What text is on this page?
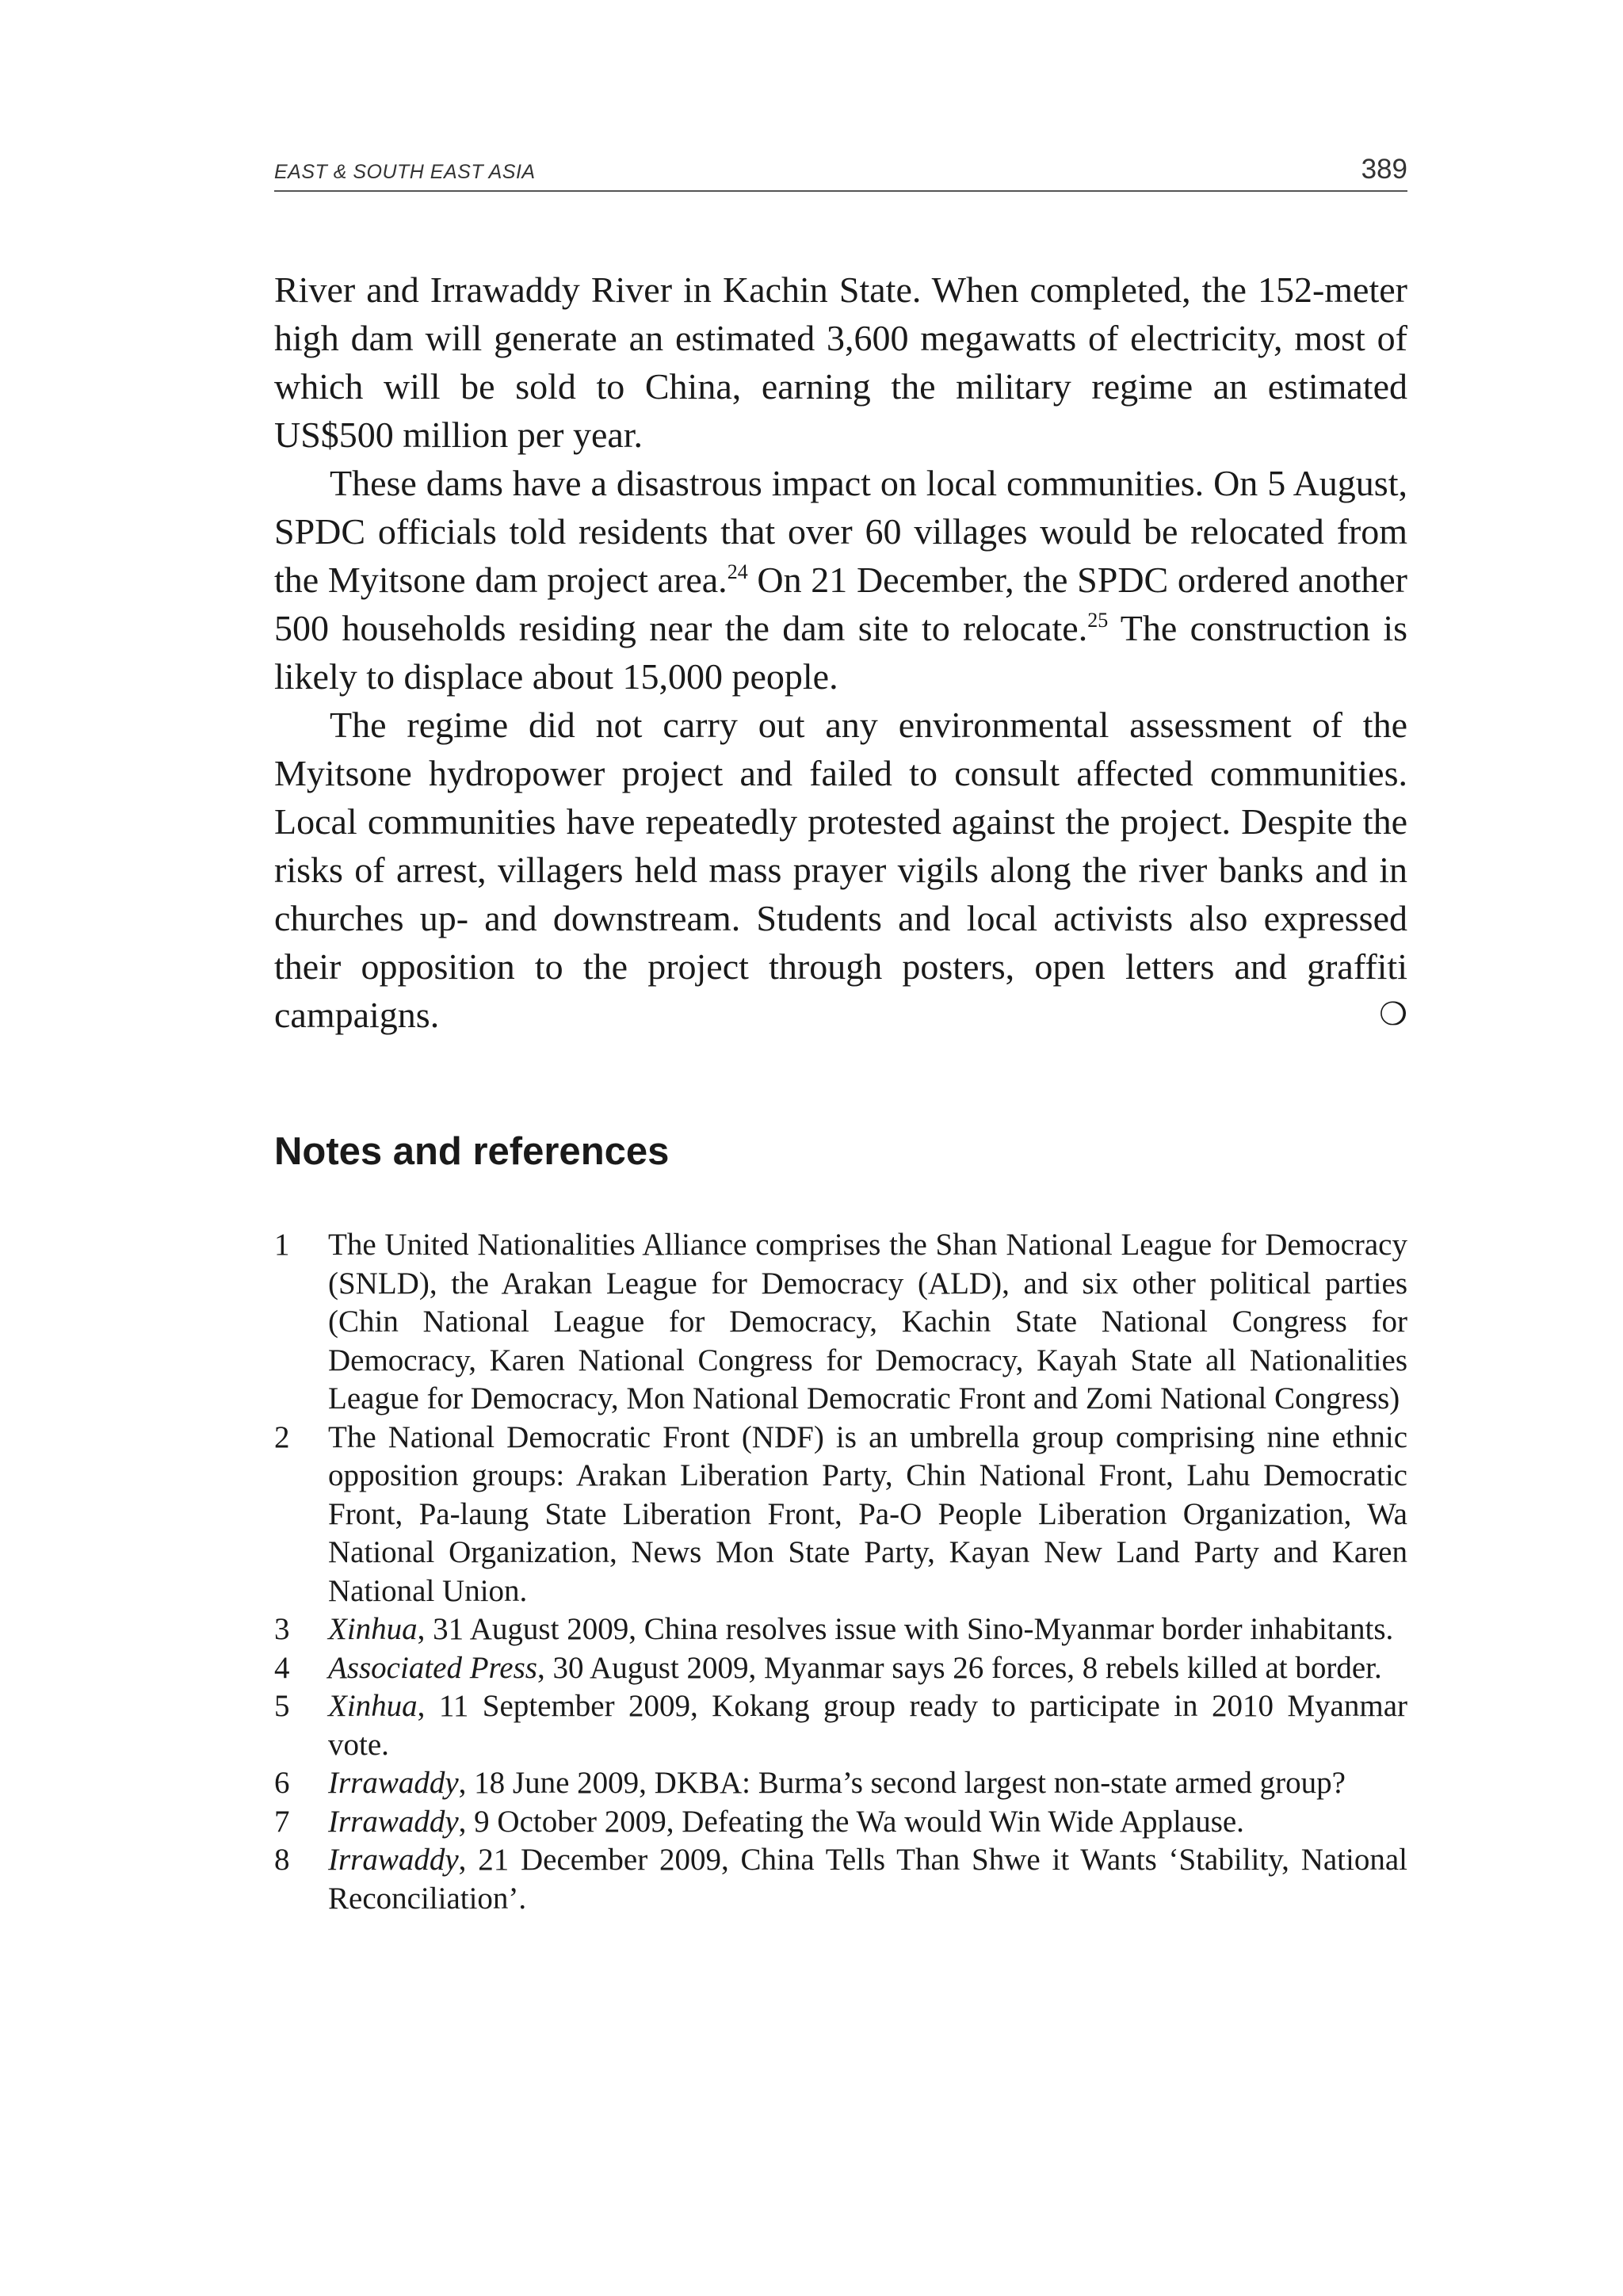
EAST & SOUTH EAST ASIA	389

River and Irrawaddy River in Kachin State. When completed, the 152-meter high dam will generate an estimated 3,600 megawatts of electricity, most of which will be sold to China, earning the military regime an estimated US$500 million per year.

These dams have a disastrous impact on local communities. On 5 August, SPDC officials told residents that over 60 villages would be relocated from the Myitsone dam project area.$^{24}$ On 21 December, the SPDC ordered another 500 households residing near the dam site to relocate.$^{25}$ The construction is likely to displace about 15,000 people.

The regime did not carry out any environmental assessment of the Myitsone hydropower project and failed to consult affected communities. Local communities have repeatedly protested against the project. Despite the risks of arrest, villagers held mass prayer vigils along the river banks and in churches up- and downstream. Students and local activists also expressed their opposition to the project through posters, open letters and graffiti campaigns.	❍

Notes and references
1	The United Nationalities Alliance comprises the Shan National League for Democracy (SNLD), the Arakan League for Democracy (ALD), and six other political parties (Chin National League for Democracy, Kachin State National Congress for Democracy, Karen National Congress for Democracy, Kayah State all Nationalities League for Democracy, Mon National Democratic Front and Zomi National Congress)
2	The National Democratic Front (NDF) is an umbrella group comprising nine ethnic opposition groups: Arakan Liberation Party, Chin National Front, Lahu Democratic Front, Pa-laung State Liberation Front, Pa-O People Liberation Organization, Wa National Organization, News Mon State Party, Kayan New Land Party and Karen National Union.
3	Xinhua, 31 August 2009, China resolves issue with Sino-Myanmar border inhabitants.
4	Associated Press, 30 August 2009, Myanmar says 26 forces, 8 rebels killed at border.
5	Xinhua, 11 September 2009, Kokang group ready to participate in 2010 Myanmar vote.
6	Irrawaddy, 18 June 2009, DKBA: Burma’s second largest non-state armed group?
7	Irrawaddy, 9 October 2009, Defeating the Wa would Win Wide Applause.
8	Irrawaddy, 21 December 2009, China Tells Than Shwe it Wants ‘Stability, National Reconciliation’.
